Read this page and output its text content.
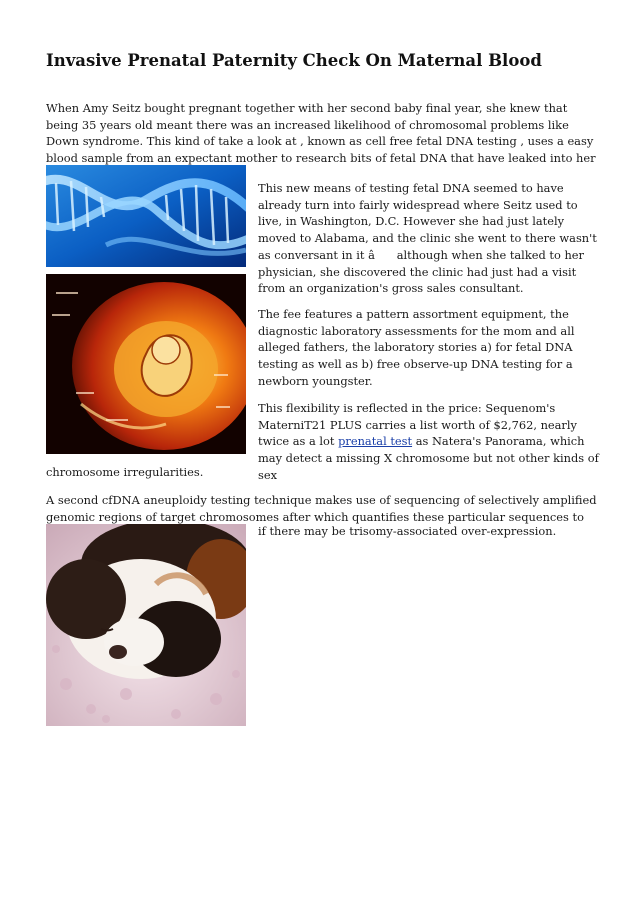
Invasive Prenatal Paternity Check On Maternal Blood

When Amy Seitz bought pregnant together with her second baby final year, she knew that being 35 years old meant there was an increased likelihood of chromosomal problems like Down syndrome. This kind of take a look at , known as cell free fetal DNA testing , uses a easy blood sample from an expectant mother to research bits of fetal DNA that have leaked into her

This new means of testing fetal DNA seemed to have already turn into fairly widespread where Seitz used to live, in Washington, D.C. However she had just lately moved to Alabama, and the clinic she went to there wasn't as conversant in it â although when she talked to her physician, she discovered the clinic had just had a visit from an organization's gross sales consultant.

The fee features a pattern assortment equipment, the diagnostic laboratory assessments for the mom and all alleged fathers, the laboratory stories a) for fetal DNA testing as well as b) free observe-up DNA testing for a newborn youngster.

This flexibility is reflected in the price: Sequenom's MaterniT21 PLUS carries a list worth of $2,762, nearly twice as a lot prenatal test as Natera's Panorama, which may detect a missing X chromosome but not other kinds of sex

chromosome irregularities.

A second cfDNA aneuploidy testing technique makes use of sequencing of selectively amplified genomic regions of target chromosomes after which quantifies these particular sequences to

if there may be trisomy-associated over-expression.
